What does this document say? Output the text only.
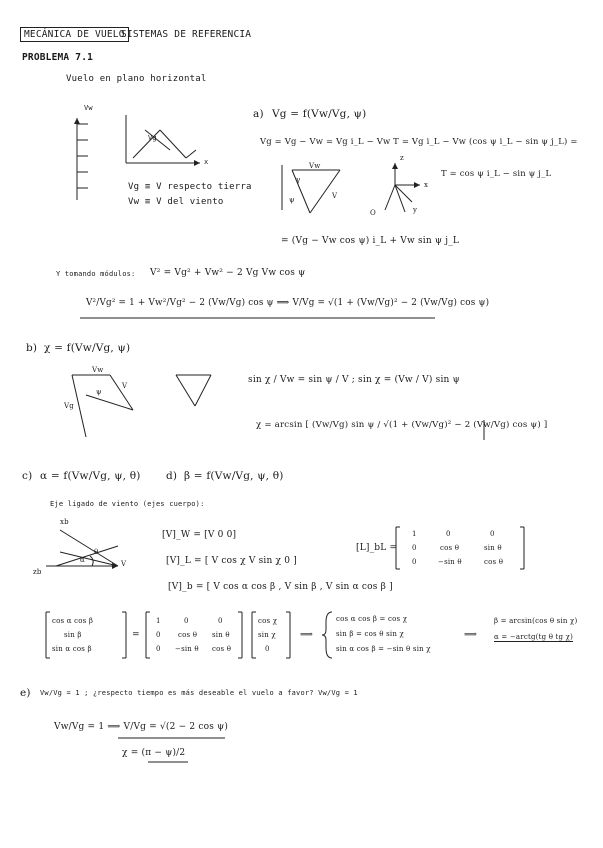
MECÁNICA DE VUELO
SISTEMAS DE REFERENCIA
PROBLEMA 7.1
Vuelo en plano horizontal
Vw
Vg
x
Vg ≡ V respecto tierra
Vw ≡ V del viento
a) Vg = f(Vw/Vg, ψ)
Vg = Vg − Vw = Vg i_L − Vw T = Vg i_L − Vw (cos ψ i_L − sin ψ j_L) =
Vw
γ
ψ	V
O
x
y
z
T = cos ψ i_L − sin ψ j_L
= (Vg − Vw cos ψ) i_L + Vw sin ψ j_L
Y tomando módulos: V² = Vg² + Vw² − 2 Vg Vw cos ψ
V²/Vg² = 1 + Vw²/Vg² − 2 (Vw/Vg) cos ψ ⟹ V/Vg = √(1 + (Vw/Vg)² − 2 (Vw/Vg) cos ψ)
b) χ = f(Vw/Vg, ψ)
Vw
Vg
V
ψ
sin χ / Vw = sin ψ / V ; sin χ = (Vw / V) sin ψ
χ = arcsin [ (Vw/Vg) sin ψ / √(1 + (Vw/Vg)² − 2 (Vw/Vg) cos ψ) ]
c) α = f(Vw/Vg, ψ, θ) d) β = f(Vw/Vg, ψ, θ)
Eje ligado de viento (ejes cuerpo):
xb
zb
θ
α	V
[V]_W = [V 0 0]
[V]_L = [ V cos χ V sin χ 0 ]
[V]_b = [ V cos α cos β , V sin β , V sin α cos β ]
[L]_bL =
1	0	0
0	cos θ	sin θ
0	−sin θ	cos θ
cos α cos β
sin β
sin α cos β
=
1	0	0
0 cos θ sin θ
0 −sin θ cos θ
cos χ
sin χ
0
⟹
cos α cos β = cos χ
sin β = cos θ sin χ
sin α cos β = −sin θ sin χ
⟹
β = arcsin(cos θ sin χ)
α = −arctg(tg θ tg χ)
e) Vw/Vg = 1 ; ¿respecto tiempo es más deseable el vuelo a favor? Vw/Vg = 1
Vw/Vg = 1 ⟹ V/Vg = √(2 − 2 cos ψ)
χ = (π − ψ)/2
